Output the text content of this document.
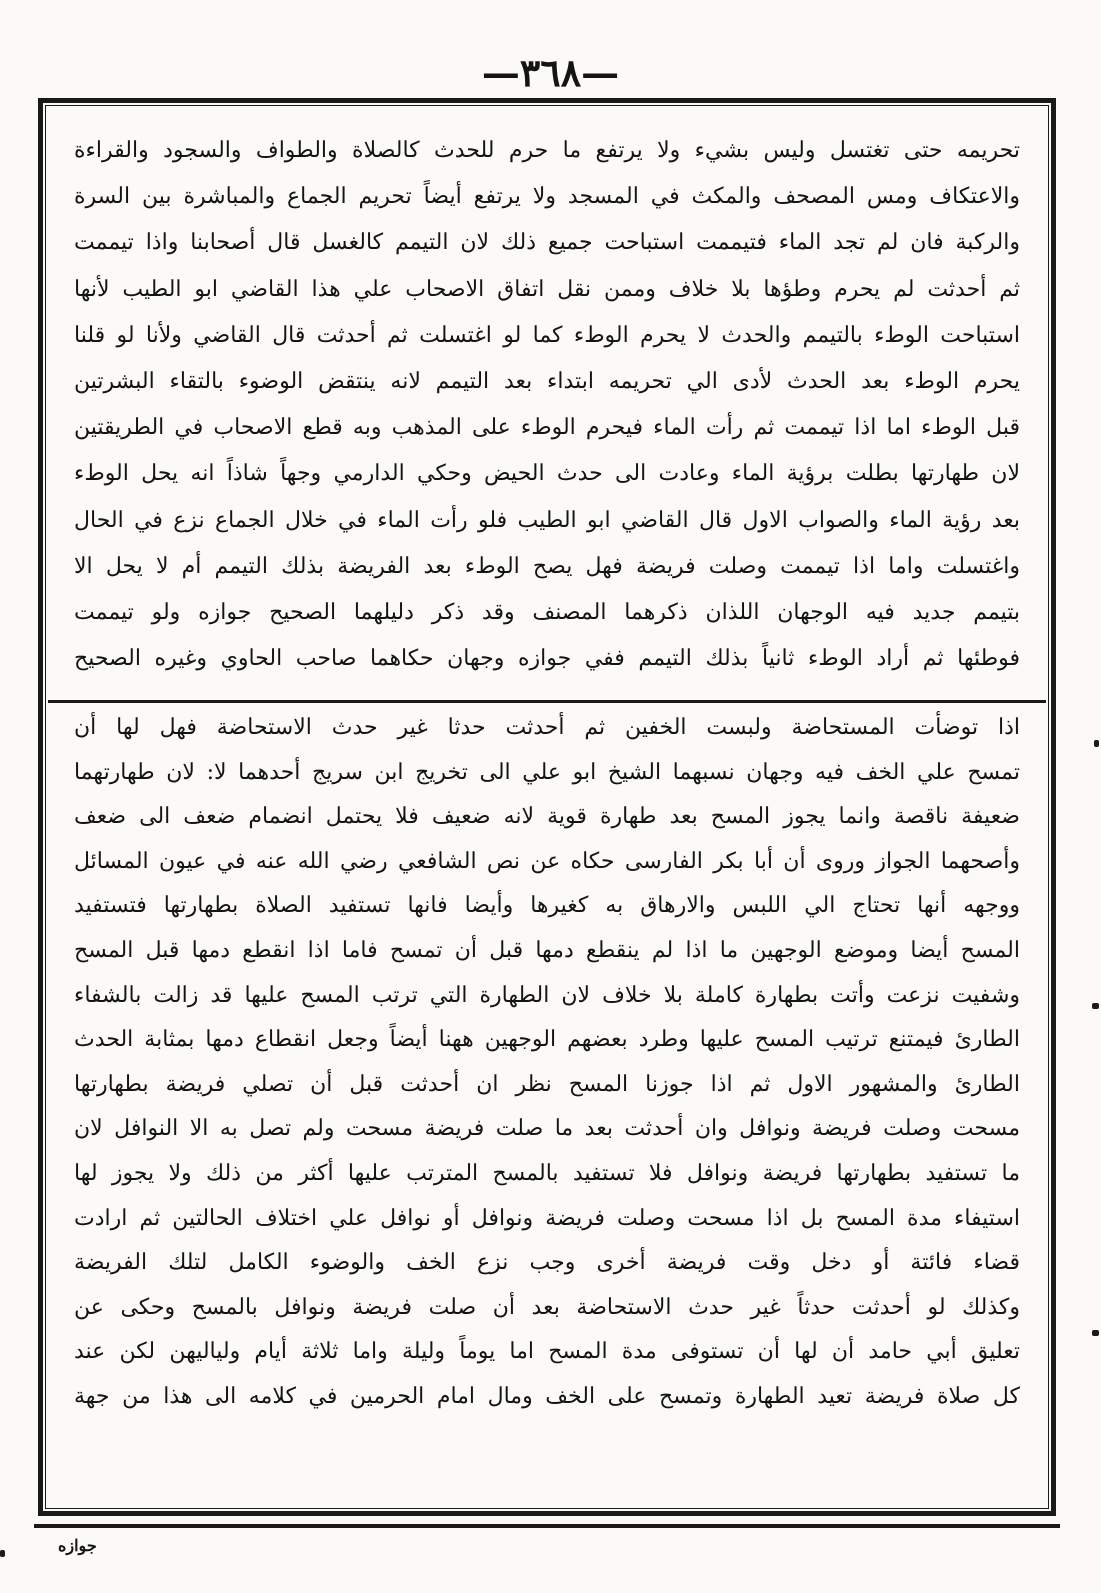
—٣٦٨—
تحريمه حتى تغتسل وليس بشيء ولا يرتفع ما حرم للحدث كالصلاة والطواف والسجود والقراءة
والاعتكاف ومس المصحف والمكث في المسجد ولا يرتفع أيضاً تحريم الجماع والمباشرة بين السرة
والركبة فان لم تجد الماء فتيممت استباحت جميع ذلك لان التيمم كالغسل قال أصحابنا واذا تيممت
ثم أحدثت لم يحرم وطؤها بلا خلاف وممن نقل اتفاق الاصحاب علي هذا القاضي ابو الطيب لأنها
استباحت الوطء بالتيمم والحدث لا يحرم الوطء كما لو اغتسلت ثم أحدثت قال القاضي ولأنا لو قلنا
يحرم الوطء بعد الحدث لأدى الي تحريمه ابتداء بعد التيمم لانه ينتقض الوضوء بالتقاء البشرتين
قبل الوطء اما اذا تيممت ثم رأت الماء فيحرم الوطء على المذهب وبه قطع الاصحاب في الطريقتين
لان طهارتها بطلت برؤية الماء وعادت الى حدث الحيض وحكي الدارمي وجهاً شاذاً انه يحل الوطء
بعد رؤية الماء والصواب الاول قال القاضي ابو الطيب فلو رأت الماء في خلال الجماع نزع في الحال
واغتسلت واما اذا تيممت وصلت فريضة فهل يصح الوطء بعد الفريضة بذلك التيمم أم لا يحل الا
بتيمم جديد فيه الوجهان اللذان ذكرهما المصنف وقد ذكر دليلهما الصحيح جوازه ولو تيممت
فوطئها ثم أراد الوطء ثانياً بذلك التيمم ففي جوازه وجهان حكاهما صاحب الحاوي وغيره الصحيح
اذا توضأت المستحاضة ولبست الخفين ثم أحدثت حدثا غير حدث الاستحاضة فهل لها أن
تمسح علي الخف فيه وجهان نسبهما الشيخ ابو علي الى تخريج ابن سريج أحدهما لا: لان طهارتهما
ضعيفة ناقصة وانما يجوز المسح بعد طهارة قوية لانه ضعيف فلا يحتمل انضمام ضعف الى ضعف
وأصحهما الجواز وروى أن أبا بكر الفارسى حكاه عن نص الشافعي رضي الله عنه في عيون المسائل
ووجهه أنها تحتاج الي اللبس والارهاق به كغيرها وأيضا فانها تستفيد الصلاة بطهارتها فتستفيد
المسح أيضا وموضع الوجهين ما اذا لم ينقطع دمها قبل أن تمسح فاما اذا انقطع دمها قبل المسح
وشفيت نزعت وأتت بطهارة كاملة بلا خلاف لان الطهارة التي ترتب المسح عليها قد زالت بالشفاء
الطارئ فيمتنع ترتيب المسح عليها وطرد بعضهم الوجهين ههنا أيضاً وجعل انقطاع دمها بمثابة الحدث
الطارئ والمشهور الاول ثم اذا جوزنا المسح نظر ان أحدثت قبل أن تصلي فريضة بطهارتها
مسحت وصلت فريضة ونوافل وان أحدثت بعد ما صلت فريضة مسحت ولم تصل به الا النوافل لان
ما تستفيد بطهارتها فريضة ونوافل فلا تستفيد بالمسح المترتب عليها أكثر من ذلك ولا يجوز لها
استيفاء مدة المسح بل اذا مسحت وصلت فريضة ونوافل أو نوافل علي اختلاف الحالتين ثم ارادت
قضاء فائتة أو دخل وقت فريضة أخرى وجب نزع الخف والوضوء الكامل لتلك الفريضة
وكذلك لو أحدثت حدثاً غير حدث الاستحاضة بعد أن صلت فريضة ونوافل بالمسح وحكى عن
تعليق أبي حامد أن لها أن تستوفى مدة المسح اما يوماً وليلة واما ثلاثة أيام ولياليهن لكن عند
كل صلاة فريضة تعيد الطهارة وتمسح على الخف ومال امام الحرمين في كلامه الى هذا من جهة
جوازه
